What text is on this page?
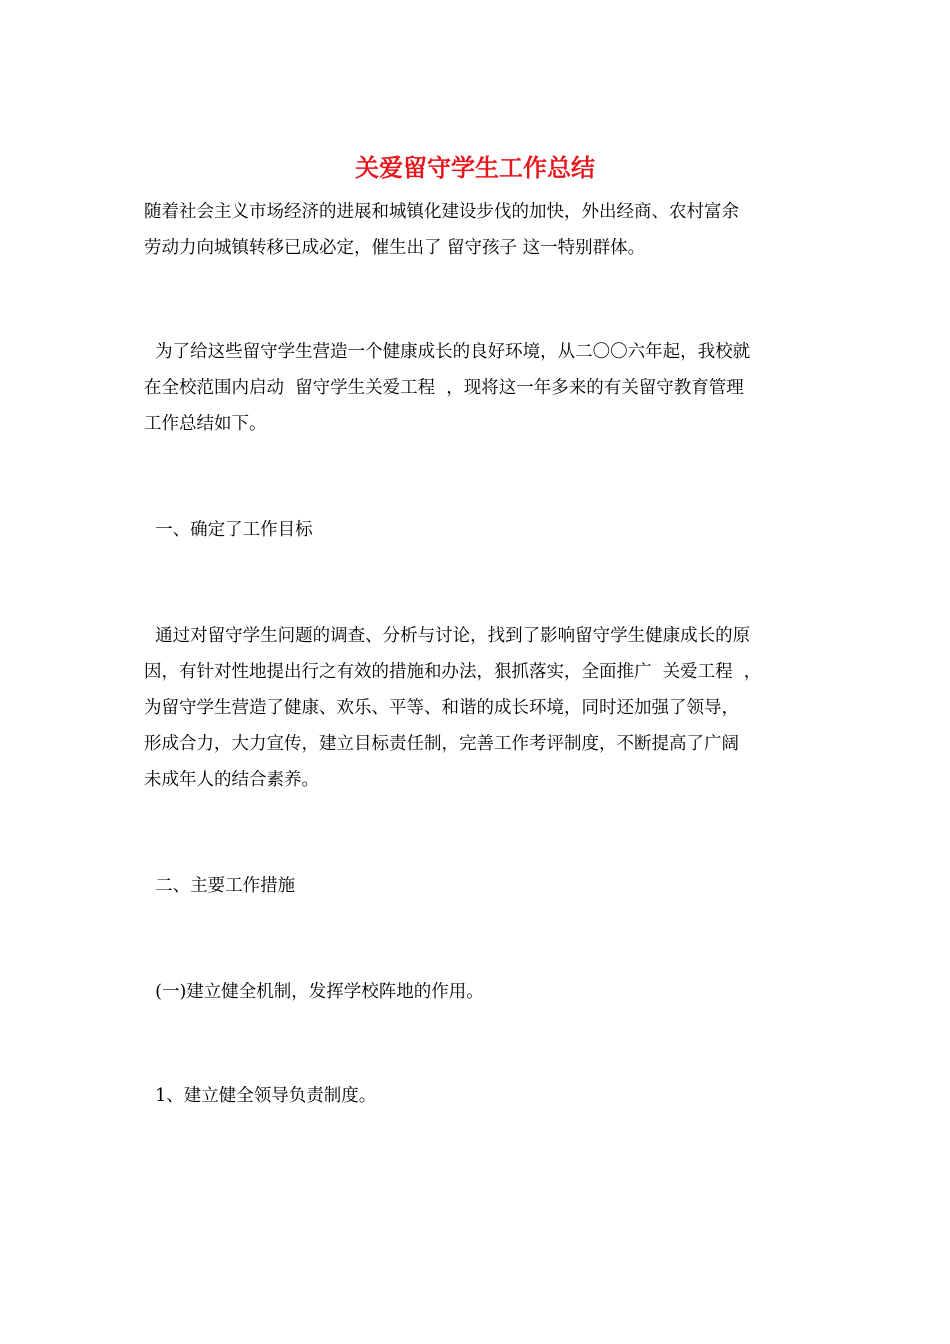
关爱留守学生工作总结

随着社会主义市场经济的进展和城镇化建设步伐的加快，外出经商、农村富余
劳动力向城镇转移已成必定，催生出了 留守孩子 这一特别群体。

为了给这些留守学生营造一个健康成长的良好环境，从二〇〇六年起，我校就
在全校范围内启动  留守学生关爱工程  ，现将这一年多来的有关留守教育管理
工作总结如下。

一、确定了工作目标

通过对留守学生问题的调查、分析与讨论，找到了影响留守学生健康成长的原
因，有针对性地提出行之有效的措施和办法，狠抓落实，全面推广  关爱工程  ，
为留守学生营造了健康、欢乐、平等、和谐的成长环境，同时还加强了领导，
形成合力，大力宣传，建立目标责任制，完善工作考评制度，不断提高了广阔
未成年人的结合素养。

二、主要工作措施

(一)建立健全机制，发挥学校阵地的作用。

1、建立健全领导负责制度。
